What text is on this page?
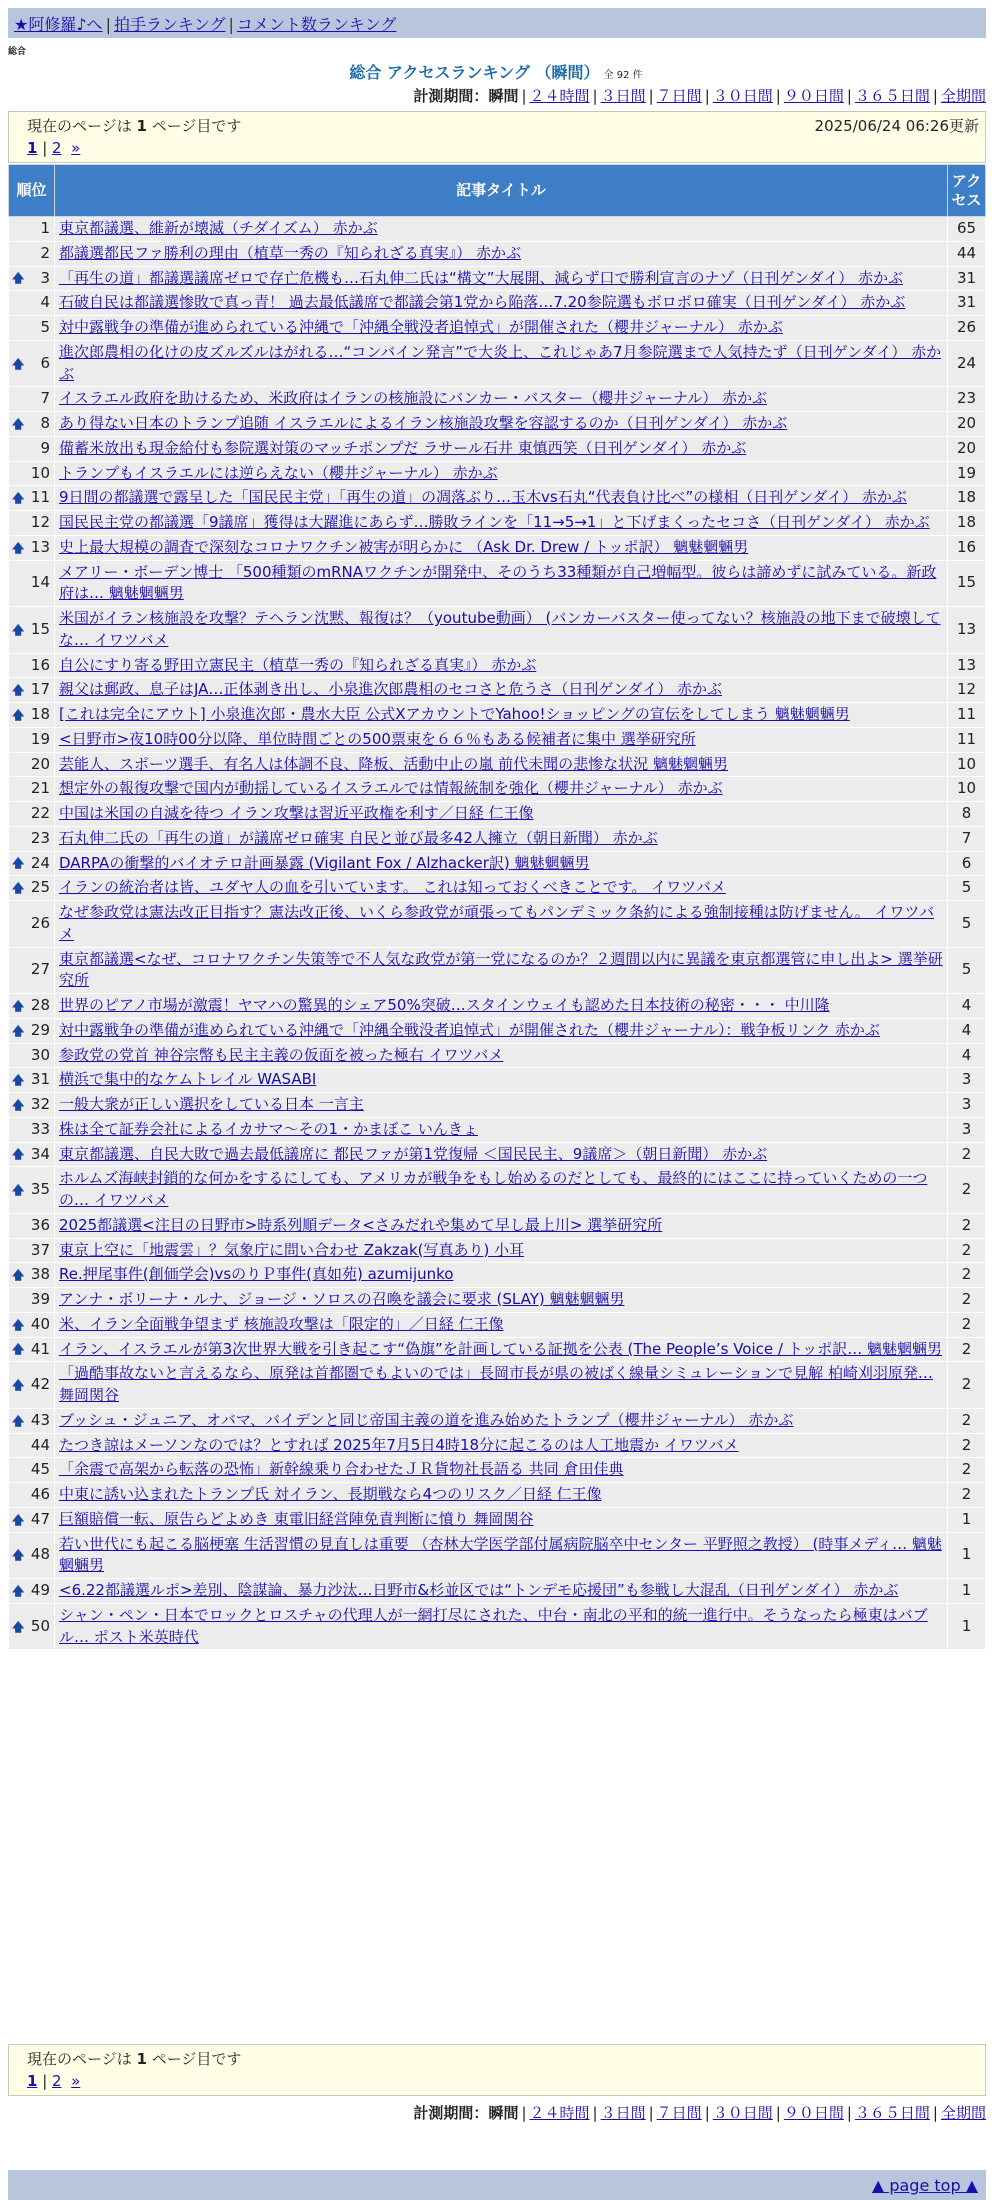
★阿修羅♪へ | 拍手ランキング | コメント数ランキング
総合
総合 アクセスランキング （瞬間） 全 92 件
計測期間：瞬間 | ２４時間 | ３日間 | ７日間 | ３０日間 | ９０日間 | ３６５日間 | 全期間
現在のページは 1 ページ目です	2025/06/24 06:26更新
1 | 2 »
順位	記事タイトル	アクセス
1	東京都議選、維新が壊滅（チダイズム） 赤かぶ	65
2	都議選都民ファ勝利の理由（植草一秀の『知られざる真実』） 赤かぶ	44

🡅 3	「再生の道」都議選議席ゼロで存亡危機も…石丸伸二氏は“構文”大展開、減らず口で勝利宣言のナゾ（日刊ゲンダイ） 赤かぶ	31
4	石破自民は都議選惨敗で真っ青！ 過去最低議席で都議会第1党から陥落…7.20参院選もボロボロ確実（日刊ゲンダイ） 赤かぶ	31
5	対中露戦争の準備が進められている沖縄で「沖縄全戦没者追悼式」が開催された（櫻井ジャーナル） 赤かぶ	26

🡅 6	進次郎農相の化けの皮ズルズルはがれる…“コンバイン発言”で大炎上、これじゃあ7月参院選まで人気持たず（日刊ゲンダイ） 赤かぶ	24
7	イスラエル政府を助けるため、米政府はイランの核施設にバンカー・バスター（櫻井ジャーナル） 赤かぶ	23

🡅 8	あり得ない日本のトランプ追随 イスラエルによるイラン核施設攻撃を容認するのか（日刊ゲンダイ） 赤かぶ	20
9	備蓄米放出も現金給付も参院選対策のマッチポンプだ ラサール石井 東慎西笑（日刊ゲンダイ） 赤かぶ	20
10	トランプもイスラエルには逆らえない（櫻井ジャーナル） 赤かぶ	19

🡅 11	9日間の都議選で露呈した「国民民主党」「再生の道」の凋落ぶり…玉木vs石丸“代表負け比べ”の様相（日刊ゲンダイ） 赤かぶ	18
12	国民民主党の都議選「9議席」獲得は大躍進にあらず…勝敗ラインを「11→5→1」と下げまくったセコさ（日刊ゲンダイ） 赤かぶ	18

🡅 13	史上最大規模の調査で深刻なコロナワクチン被害が明らかに （Ask Dr. Drew / トッポ訳） 魑魅魍魎男	16
14	メアリー・ボーデン博士 「500種類のmRNAワクチンが開発中、そのうち33種類が自己増幅型。彼らは諦めずに試みている。新政府は… 魑魅魍魎男	15

🡅 15	米国がイラン核施設を攻撃？テヘラン沈黙、報復は？（youtube動画） (バンカーバスター使ってない？核施設の地下まで破壊してな… イワツバメ	13
16	自公にすり寄る野田立憲民主（植草一秀の『知られざる真実』） 赤かぶ	13

🡅 17	親父は郵政、息子はJA…正体剥き出し、小泉進次郎農相のセコさと危うさ（日刊ゲンダイ） 赤かぶ	12

🡅 18	[これは完全にアウト] 小泉進次郎・農水大臣 公式XアカウントでYahoo!ショッピングの宣伝をしてしまう 魑魅魍魎男	11
19	<日野市>夜10時00分以降、単位時間ごとの500票束を６６％もある候補者に集中 選挙研究所	11
20	芸能人、スポーツ選手、有名人は体調不良、降板、活動中止の嵐 前代未聞の悲惨な状況 魑魅魍魎男	10
21	想定外の報復攻撃で国内が動揺しているイスラエルでは情報統制を強化（櫻井ジャーナル） 赤かぶ	10
22	中国は米国の自滅を待つ イラン攻撃は習近平政権を利す／日経 仁王像	8
23	石丸伸二氏の「再生の道」が議席ゼロ確実 自民と並び最多42人擁立（朝日新聞） 赤かぶ	7

🡅 24	DARPAの衝撃的バイオテロ計画暴露 (Vigilant Fox / Alzhacker訳) 魑魅魍魎男	6

🡅 25	イランの統治者は皆、ユダヤ人の血を引いています。 これは知っておくべきことです。 イワツバメ	5
26	なぜ参政党は憲法改正目指す？憲法改正後、いくら参政党が頑張ってもパンデミック条約による強制接種は防げません。 イワツバメ	5
27	東京都議選<なぜ、コロナワクチン失策等で不人気な政党が第一党になるのか？２週間以内に異議を東京都選管に申し出よ> 選挙研究所	5

🡅 28	世界のピアノ市場が激震！ヤマハの驚異的シェア50%突破…スタインウェイも認めた日本技術の秘密・・・ 中川隆	4

🡅 29	対中露戦争の準備が進められている沖縄で「沖縄全戦没者追悼式」が開催された（櫻井ジャーナル）：戦争板リンク 赤かぶ	4
30	参政党の党首 神谷宗幣も民主主義の仮面を被った極右 イワツバメ	4

🡅 31	横浜で集中的なケムトレイル WASABI	3

🡅 32	一般大衆が正しい選択をしている日本 一言主	3
33	株は全て証券会社によるイカサマ〜その1・かまぼこ いんきょ	3

🡅 34	東京都議選、自民大敗で過去最低議席に 都民ファが第1党復帰 ＜国民民主、9議席＞（朝日新聞） 赤かぶ	2

🡅 35	ホルムズ海峡封鎖的な何かをするにしても、アメリカが戦争をもし始めるのだとしても、最終的にはここに持っていくための一つの… イワツバメ	2
36	2025都議選<注目の日野市>時系列順データ<さみだれや集めて早し最上川> 選挙研究所	2
37	東京上空に「地震雲」？気象庁に問い合わせ Zakzak(写真あり) 小耳	2

🡅 38	Re.押尾事件(創価学会)vsのりＰ事件(真如苑) azumijunko	2
39	アンナ・ボリーナ・ルナ、ジョージ・ソロスの召喚を議会に要求 (SLAY) 魑魅魍魎男	2

🡅 40	米、イラン全面戦争望まず 核施設攻撃は「限定的」／日経 仁王像	2

🡅 41	イラン、イスラエルが第3次世界大戦を引き起こす“偽旗”を計画している証拠を公表 (The People’s Voice / トッポ訳… 魑魅魍魎男	2

🡅 42	「過酷事故ないと言えるなら、原発は首都圏でもよいのでは」長岡市長が県の被ばく線量シミュレーションで見解 柏崎刈羽原発… 舞岡関谷	2

🡅 43	ブッシュ・ジュニア、オバマ、バイデンと同じ帝国主義の道を進み始めたトランプ（櫻井ジャーナル） 赤かぶ	2
44	たつき諒はメーソンなのでは？とすれば 2025年7月5日4時18分に起こるのは人工地震か イワツバメ	2
45	「余震で高架から転落の恐怖」新幹線乗り合わせたＪＲ貨物社長語る 共同 倉田佳典	2
46	中東に誘い込まれたトランプ氏 対イラン、長期戦なら4つのリスク／日経 仁王像	2

🡅 47	巨額賠償一転、原告らどよめき 東電旧経営陣免責判断に憤り 舞岡関谷	1

🡅 48	若い世代にも起こる脳梗塞 生活習慣の見直しは重要 （杏林大学医学部付属病院脳卒中センター 平野照之教授） (時事メディ… 魑魅魍魎男	1

🡅 49	<6.22都議選ルポ>差別、陰謀論、暴力沙汰…日野市&杉並区では“トンデモ応援団”も参戦し大混乱（日刊ゲンダイ） 赤かぶ	1

🡅 50	シャン・ペン・日本でロックとロスチャの代理人が一網打尽にされた、中台・南北の平和的統一進行中。そうなったら極東はバブル… ポスト米英時代	1
現在のページは 1 ページ目です
1 | 2 »
計測期間：瞬間 | ２４時間 | ３日間 | ７日間 | ３０日間 | ９０日間 | ３６５日間 | 全期間
▲ page top ▲
